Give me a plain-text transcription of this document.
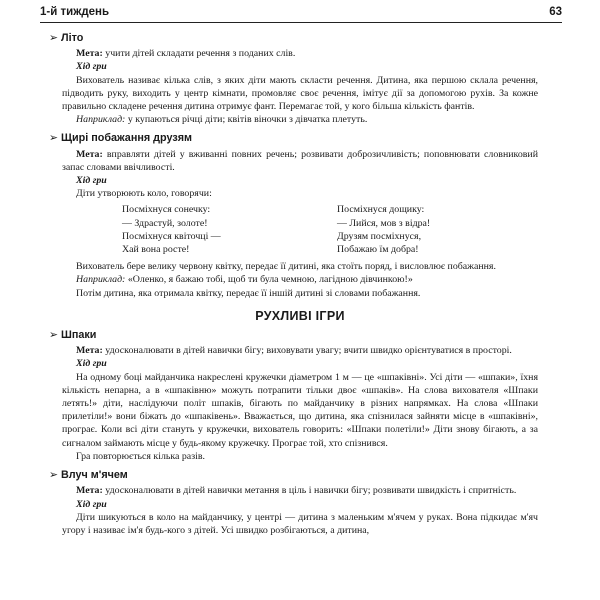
1-й тиждень	63
➢ Літо

Мета: учити дітей складати речення з поданих слів.

Хід гри

Вихователь називає кілька слів, з яких діти мають скласти речення. Дитина, яка першою склала речення, підводить руку, виходить у центр кімнати, промовляє своє речення, імітує дії за допомогою рухів. За кожне правильно складене речення дитина отримує фант. Перемагає той, у кого більша кількість фантів.

Наприклад: у купаються річці діти; квітів віночки з дівчатка плетуть.

➢ Щирі побажання друзям

Мета: вправляти дітей у вживанні повних речень; розвивати доброзичливість; поповнювати словниковий запас словами ввічливості.

Хід гри

Діти утворюють коло, говорячи:

Посміхнуся сонечку:

— Здрастуй, золоте!

Посміхнуся квіточці —

Хай вона росте!

Посміхнуся дощику:

— Лийся, мов з відра!

Друзям посміхнуся,

Побажаю їм добра!

Вихователь бере велику червону квітку, передає її дитині, яка стоїть поряд, і висловлює побажання.

Наприклад: «Оленко, я бажаю тобі, щоб ти була чемною, лагідною дівчинкою!»

Потім дитина, яка отримала квітку, передає її іншій дитині зі словами побажання.

РУХЛИВІ ІГРИ
➢ Шпаки

Мета: удосконалювати в дітей навички бігу; виховувати увагу; вчити швидко орієнтуватися в просторі.

Хід гри

На одному боці майданчика накреслені кружечки діаметром 1 м — це «шпаківні». Усі діти — «шпаки», їхня кількість непарна, а в «шпаківню» можуть потрапити тільки двоє «шпаків». На слова вихователя «Шпаки летять!» діти, наслідуючи політ шпаків, бігають по майданчику в різних напрямках. На слова «Шпаки прилетіли!» вони біжать до «шпаківень». Вважається, що дитина, яка спізнилася зайняти місце в «шпаківні», програє. Коли всі діти стануть у кружечки, вихователь говорить: «Шпаки полетіли!» Діти знову бігають, а за сигналом займають місце у будь-якому кружечку. Програє той, хто спізнився.

Гра повторюється кілька разів.

➢ Влуч м'ячем

Мета: удосконалювати в дітей навички метання в ціль і навички бігу; розвивати швидкість і спритність.

Хід гри

Діти шикуються в коло на майданчику, у центрі — дитина з маленьким м'ячем у руках. Вона підкидає м'яч угору і називає ім'я будь-кого з дітей. Усі швидко розбігаються, а дитина,
